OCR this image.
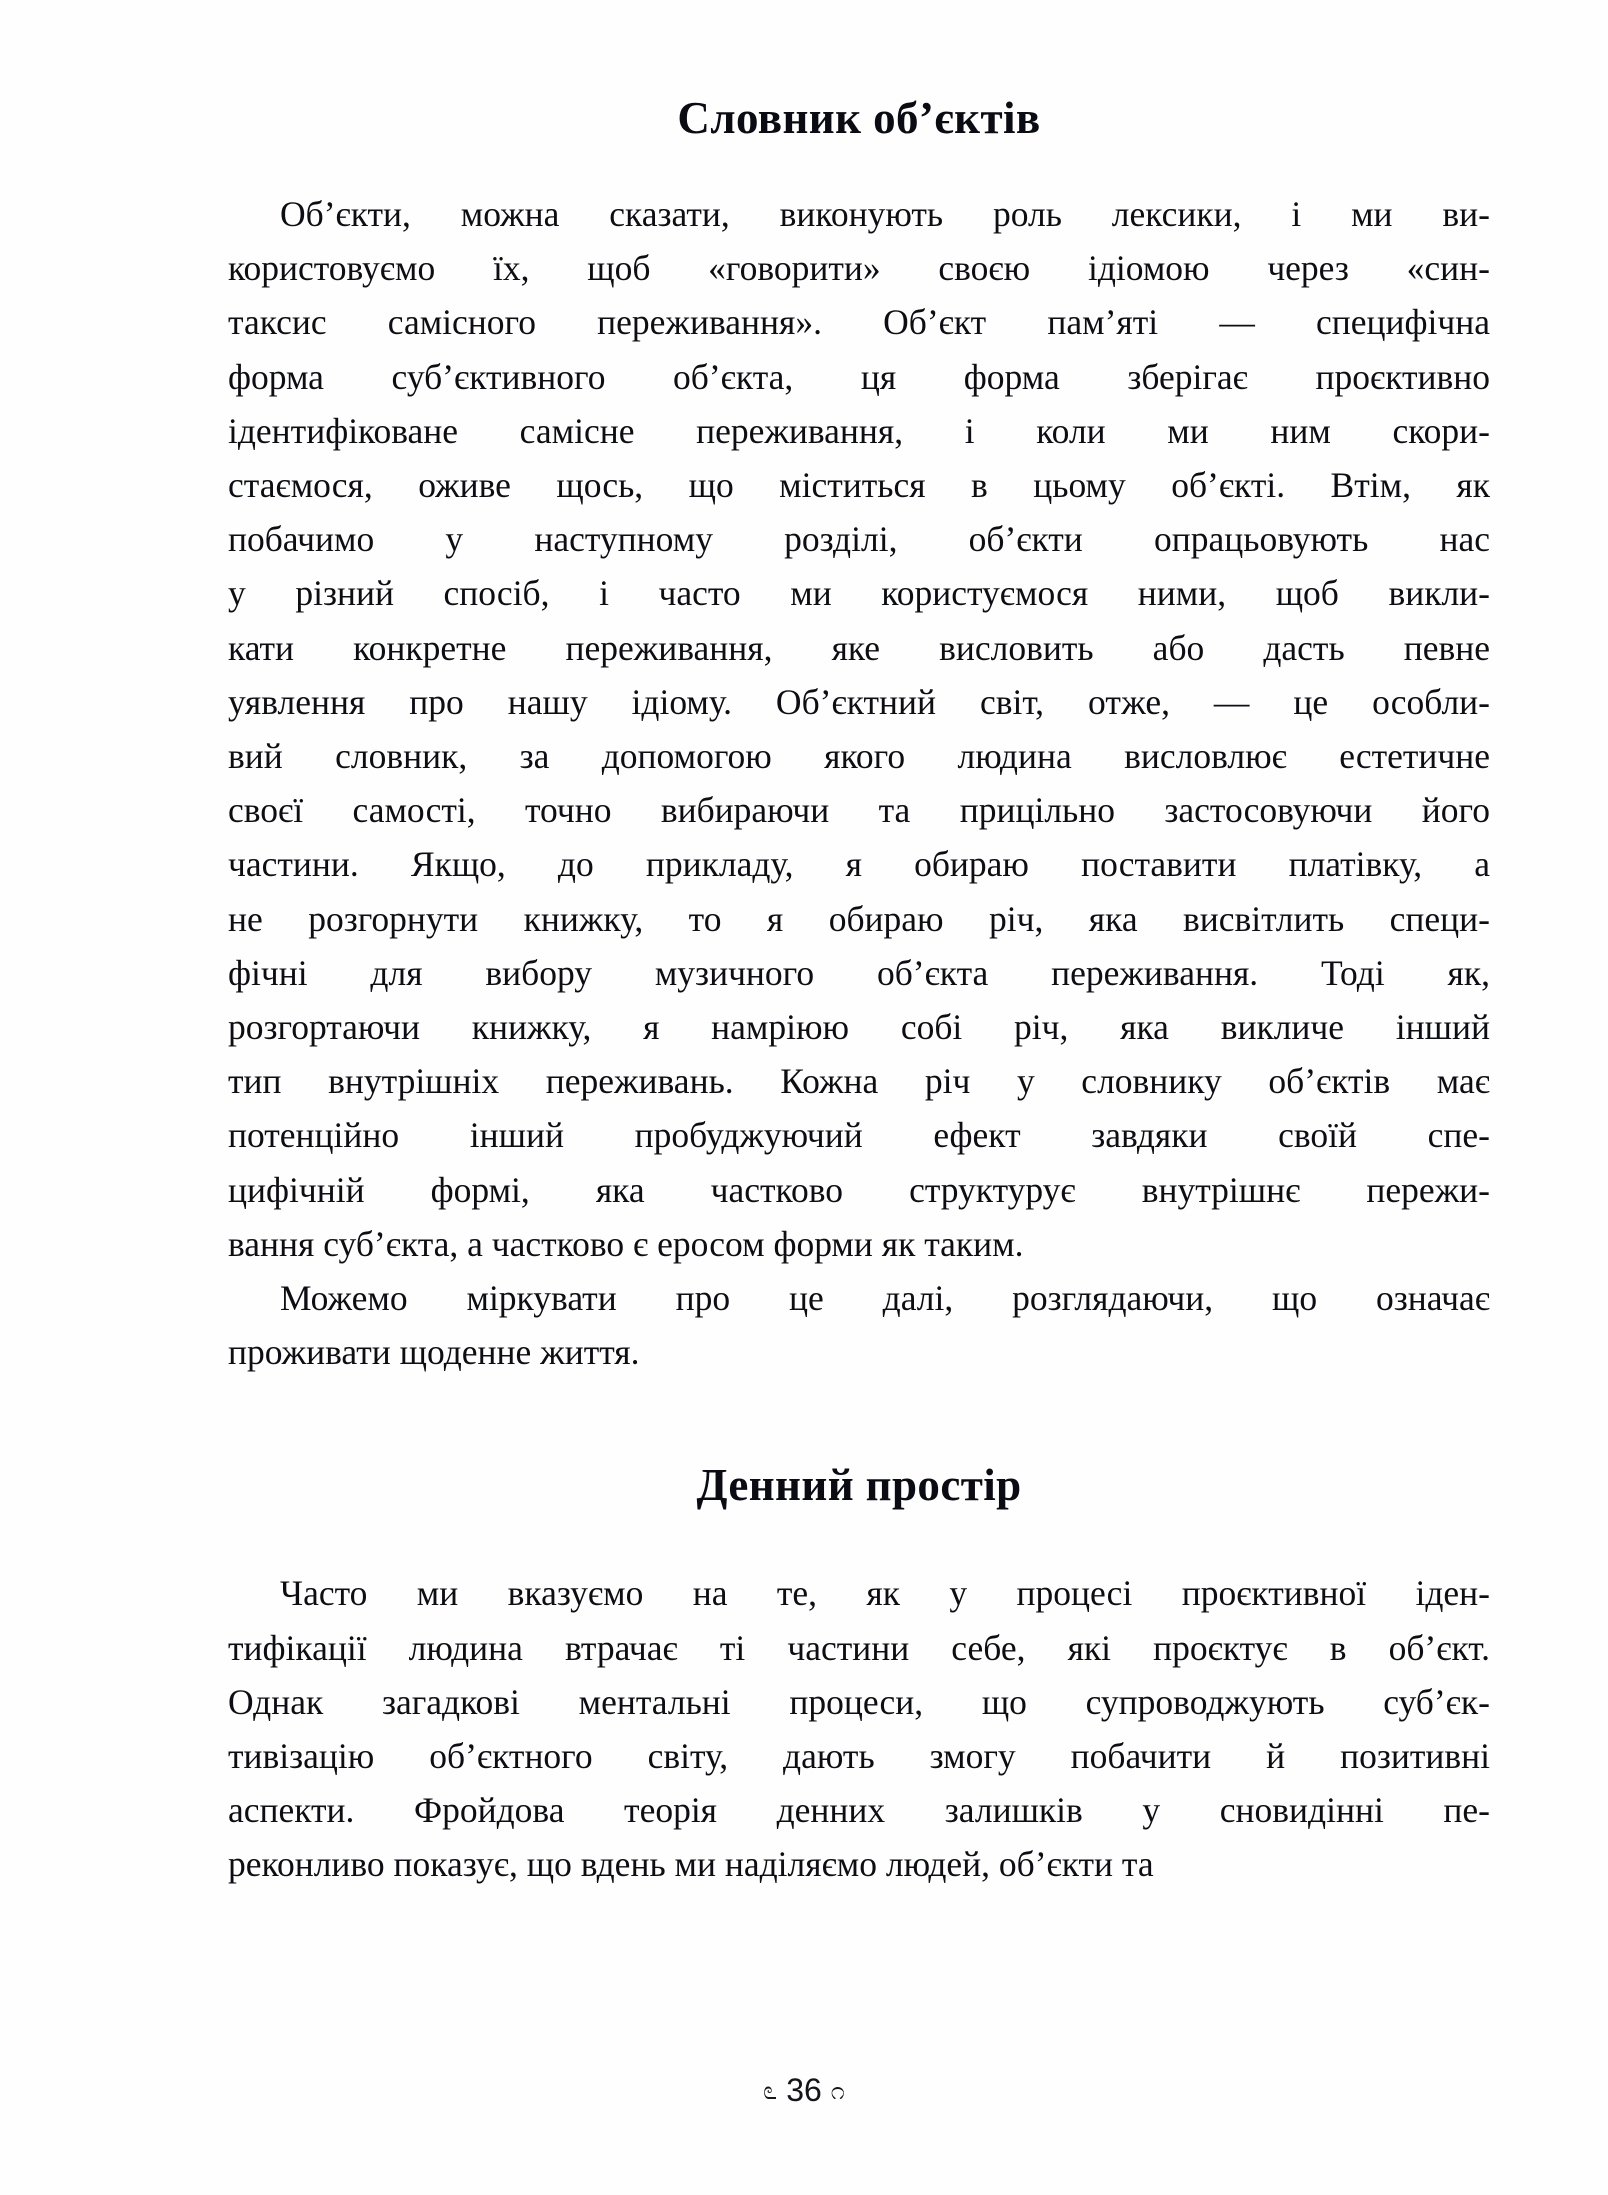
Словник об’єктів
Об’єкти, можна сказати, виконують роль лексики, і ми ви-
користовуємо їх, щоб «говорити» своєю ідіомою через «син-
таксис самісного переживання». Об’єкт пам’яті — специфічна
форма суб’єктивного об’єкта, ця форма зберігає проєктивно
ідентифіковане самісне переживання, і коли ми ним скори-
стаємося, оживе щось, що міститься в цьому об’єкті. Втім, як
побачимо у наступному розділі, об’єкти опрацьовують нас
у різний спосіб, і часто ми користуємося ними, щоб викли-
кати конкретне переживання, яке висловить або дасть певне
уявлення про нашу ідіому. Об’єктний світ, отже, — це особли-
вий словник, за допомогою якого людина висловлює естетичне
своєї самості, точно вибираючи та прицільно застосовуючи його
частини. Якщо, до прикладу, я обираю поставити платівку, а
не розгорнути книжку, то я обираю річ, яка висвітлить специ-
фічні для вибору музичного об’єкта переживання. Тоді як,
розгортаючи книжку, я намріюю собі річ, яка викличе інший
тип внутрішніх переживань. Кожна річ у словнику об’єктів має
потенційно інший пробуджуючий ефект завдяки своїй спе-
цифічній формі, яка частково структурує внутрішнє пережи-
вання суб’єкта, а частково є еросом форми як таким.
Можемо міркувати про це далі, розглядаючи, що означає
проживати щоденне життя.
Денний простір
Часто ми вказуємо на те, як у процесі проєктивної іден-
тифікації людина втрачає ті частини себе, які проєктує в об’єкт.
Однак загадкові ментальні процеси, що супроводжують суб’єк-
тивізацію об’єктного світу, дають змогу побачити й позитивні
аспекти. Фройдова теорія денних залишків у сновидінні пе-
реконливо показує, що вдень ми наділяємо людей, об’єкти та
೨ 36 ೧
